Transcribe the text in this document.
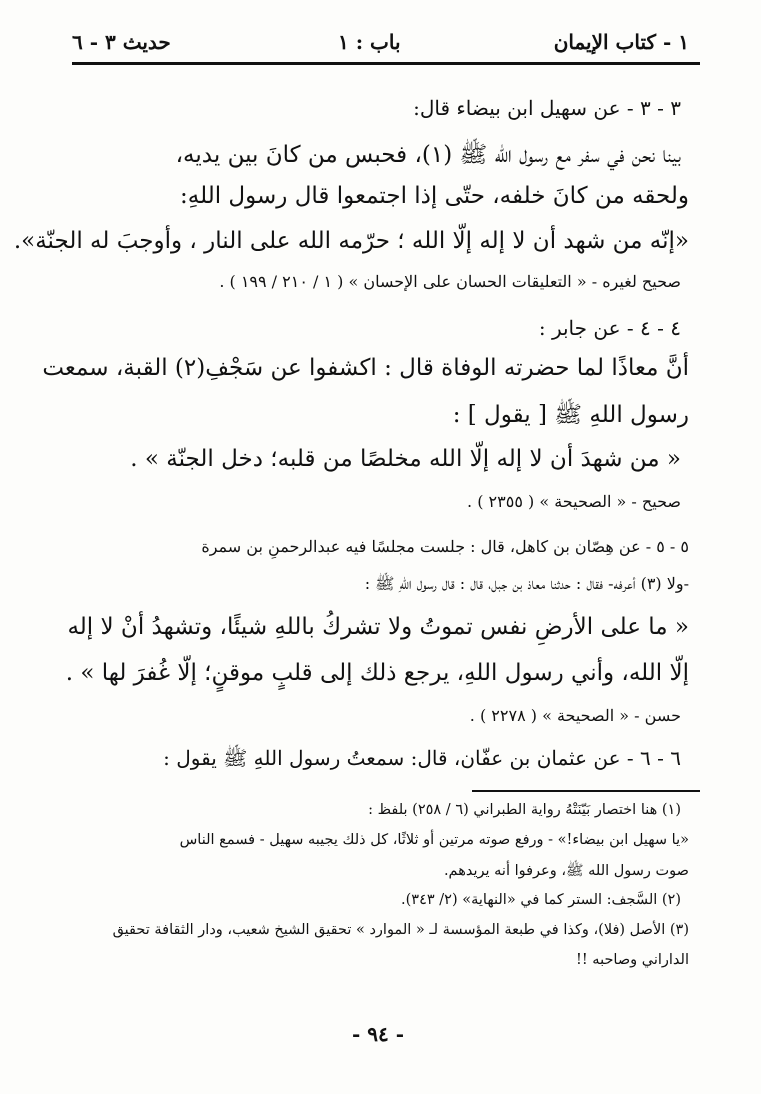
١ - كتاب الإيمان
باب : ١
حديث ٣ - ٦
٣ - ٣ - عن سهيل ابن بيضاء قال:
بينا نحن في سفر مع رسول الله ﷺ (١)، فحبس من كانَ بين يديه،
ولحقه من كانَ خلفه، حتّى إذا اجتمعوا قال رسول اللهِ:
«إنّه من شهد أن لا إله إلّا الله ؛ حرّمه الله على النار ، وأوجبَ له الجنّة».
صحيح لغيره - « التعليقات الحسان على الإحسان » ( ١ / ٢١٠ / ١٩٩ ) .
٤ - ٤ - عن جابر :
أنَّ معاذًا لما حضرته الوفاة قال : اكشفوا عن سَجْفِ(٢) القبة، سمعت
رسول اللهِ ﷺ [ يقول ] :
« من شهدَ أن لا إله إلّا الله مخلصًا من قلبه؛ دخل الجنّة » .
صحيح - « الصحيحة » ( ٢٣٥٥ ) .
٥ - ٥ - عن هِصّان بن كاهل، قال : جلست مجلسًا فيه عبدالرحمنِ بن سمرة
-ولا (٣) أعرفه- فقال : حدثنا معاذ بن جبل، قال : قال رسول اللهِ ﷺ :
« ما على الأرضِ نفس تموتُ ولا تشركُ باللهِ شيئًا، وتشهدُ أنْ لا إله
إلّا الله، وأني رسول اللهِ، يرجع ذلك إلى قلبٍ موقنٍ؛ إلّا غُفرَ لها » .
حسن - « الصحيحة » ( ٢٢٧٨ ) .
٦ - ٦ - عن عثمان بن عفّان، قال: سمعتُ رسول اللهِ ﷺ يقول :
(١) هنا اختصار بَيّنَتْهُ رواية الطبراني (٦ / ٢٥٨) بلفظ :
«يا سهيل ابن بيضاء!» - ورفع صوته مرتين أو ثلاثًا، كل ذلك يجيبه سهيل - فسمع الناس
صوت رسول الله ﷺ، وعرفوا أنه يريدهم.
(٢) السَّجف: الستر كما في «النهاية» (٢/ ٣٤٣).
(٣) الأصل (فلا)، وكذا في طبعة المؤسسة لـ « الموارد » تحقيق الشيخ شعيب، ودار الثقافة تحقيق
الداراني وصاحبه !!
- ٩٤ -
